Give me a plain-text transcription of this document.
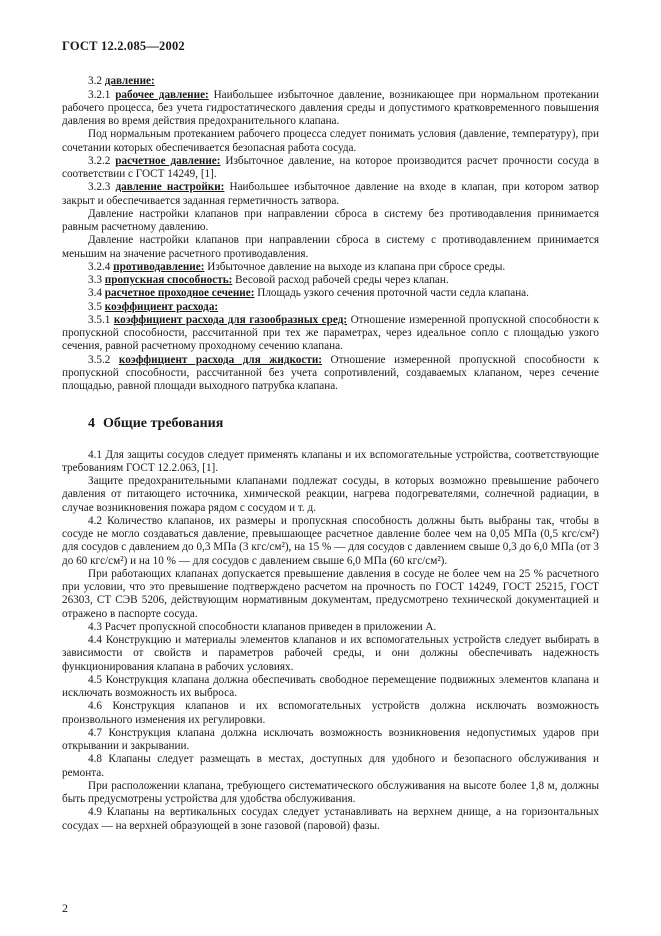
ГОСТ 12.2.085—2002

3.2 давление:

3.2.1 рабочее давление: Наибольшее избыточное давление, возникающее при нормальном протекании рабочего процесса, без учета гидростатического давления среды и допустимого кратковременного повышения давления во время действия предохранительного клапана.

Под нормальным протеканием рабочего процесса следует понимать условия (давление, температуру), при сочетании которых обеспечивается безопасная работа сосуда.

3.2.2 расчетное давление: Избыточное давление, на которое производится расчет прочности сосуда в соответствии с ГОСТ 14249, [1].

3.2.3 давление настройки: Наибольшее избыточное давление на входе в клапан, при котором затвор закрыт и обеспечивается заданная герметичность затвора.

Давление настройки клапанов при направлении сброса в систему без противодавления принимается равным расчетному давлению.

Давление настройки клапанов при направлении сброса в систему с противодавлением принимается меньшим на значение расчетного противодавления.

3.2.4 противодавление: Избыточное давление на выходе из клапана при сбросе среды.

3.3 пропускная способность: Весовой расход рабочей среды через клапан.

3.4 расчетное проходное сечение: Площадь узкого сечения проточной части седла клапана.

3.5 коэффициент расхода:

3.5.1 коэффициент расхода для газообразных сред: Отношение измеренной пропускной способности к пропускной способности, рассчитанной при тех же параметрах, через идеальное сопло с площадью узкого сечения, равной расчетному проходному сечению клапана.

3.5.2 коэффициент расхода для жидкости: Отношение измеренной пропускной способности к пропускной способности, рассчитанной без учета сопротивлений, создаваемых клапаном, через сечение площадью, равной площади выходного патрубка клапана.

4 Общие требования

4.1 Для защиты сосудов следует применять клапаны и их вспомогательные устройства, соответствующие требованиям ГОСТ 12.2.063, [1].

Защите предохранительными клапанами подлежат сосуды, в которых возможно превышение рабочего давления от питающего источника, химической реакции, нагрева подогревателями, солнечной радиации, в случае возникновения пожара рядом с сосудом и т. д.

4.2 Количество клапанов, их размеры и пропускная способность должны быть выбраны так, чтобы в сосуде не могло создаваться давление, превышающее расчетное давление более чем на 0,05 МПа (0,5 кгс/см²) для сосудов с давлением до 0,3 МПа (3 кгс/см²), на 15 % — для сосудов с давлением свыше 0,3 до 6,0 МПа (от 3 до 60 кгс/см²) и на 10 % — для сосудов с давлением свыше 6,0 МПа (60 кгс/см²).

При работающих клапанах допускается превышение давления в сосуде не более чем на 25 % расчетного при условии, что это превышение подтверждено расчетом на прочность по ГОСТ 14249, ГОСТ 25215, ГОСТ 26303, СТ СЭВ 5206, действующим нормативным документам, предусмотрено технической документацией и отражено в паспорте сосуда.

4.3 Расчет пропускной способности клапанов приведен в приложении А.

4.4 Конструкцию и материалы элементов клапанов и их вспомогательных устройств следует выбирать в зависимости от свойств и параметров рабочей среды, и они должны обеспечивать надежность функционирования клапана в рабочих условиях.

4.5 Конструкция клапана должна обеспечивать свободное перемещение подвижных элементов клапана и исключать возможность их выброса.

4.6 Конструкция клапанов и их вспомогательных устройств должна исключать возможность произвольного изменения их регулировки.

4.7 Конструкция клапана должна исключать возможность возникновения недопустимых ударов при открывании и закрывании.

4.8 Клапаны следует размещать в местах, доступных для удобного и безопасного обслуживания и ремонта.

При расположении клапана, требующего систематического обслуживания на высоте более 1,8 м, должны быть предусмотрены устройства для удобства обслуживания.

4.9 Клапаны на вертикальных сосудах следует устанавливать на верхнем днище, а на горизонтальных сосудах — на верхней образующей в зоне газовой (паровой) фазы.

2
